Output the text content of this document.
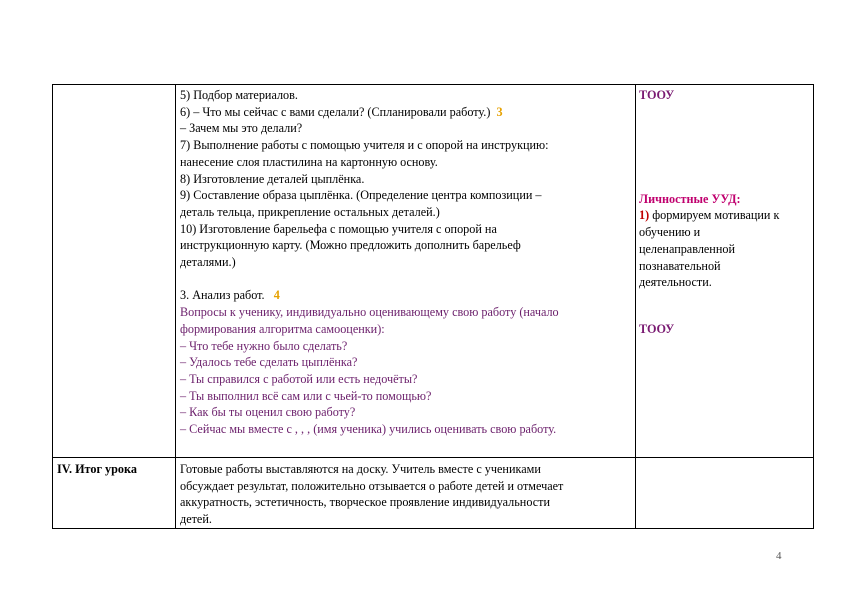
5) Подбор материалов.
6) – Что мы сейчас с вами сделали? (Спланировали работу.) 3
– Зачем мы это делали?
7) Выполнение работы с помощью учителя и с опорой на инструкцию:
нанесение слоя пластилина на картонную основу.
8) Изготовление деталей цыплёнка.
9) Составление образа цыплёнка. (Определение центра композиции –
деталь тельца, прикрепление остальных деталей.)
10) Изготовление барельефа с помощью учителя с опорой на
инструкционную карту. (Можно предложить дополнить барельеф
деталями.)
3. Анализ работ. 4
Вопросы к ученику, индивидуально оценивающему свою работу (начало
формирования алгоритма самооценки):
– Что тебе нужно было сделать?
– Удалось тебе сделать цыплёнка?
– Ты справился с работой или есть недочёты?
– Ты выполнил всё сам или с чьей-то помощью?
– Как бы ты оценил свою работу?
– Сейчас мы вместе с , , , (имя ученика) учились оценивать свою работу.
ТООУ
Личностные УУД:
1) формируем мотивации к
обучению и
целенаправленной
познавательной
деятельности.
ТООУ
IV. Итог урока	Готовые работы выставляются на доску. Учитель вместе с учениками
обсуждает результат, положительно отзывается о работе детей и отмечает
аккуратность, эстетичность, творческое проявление индивидуальности
детей.
4
